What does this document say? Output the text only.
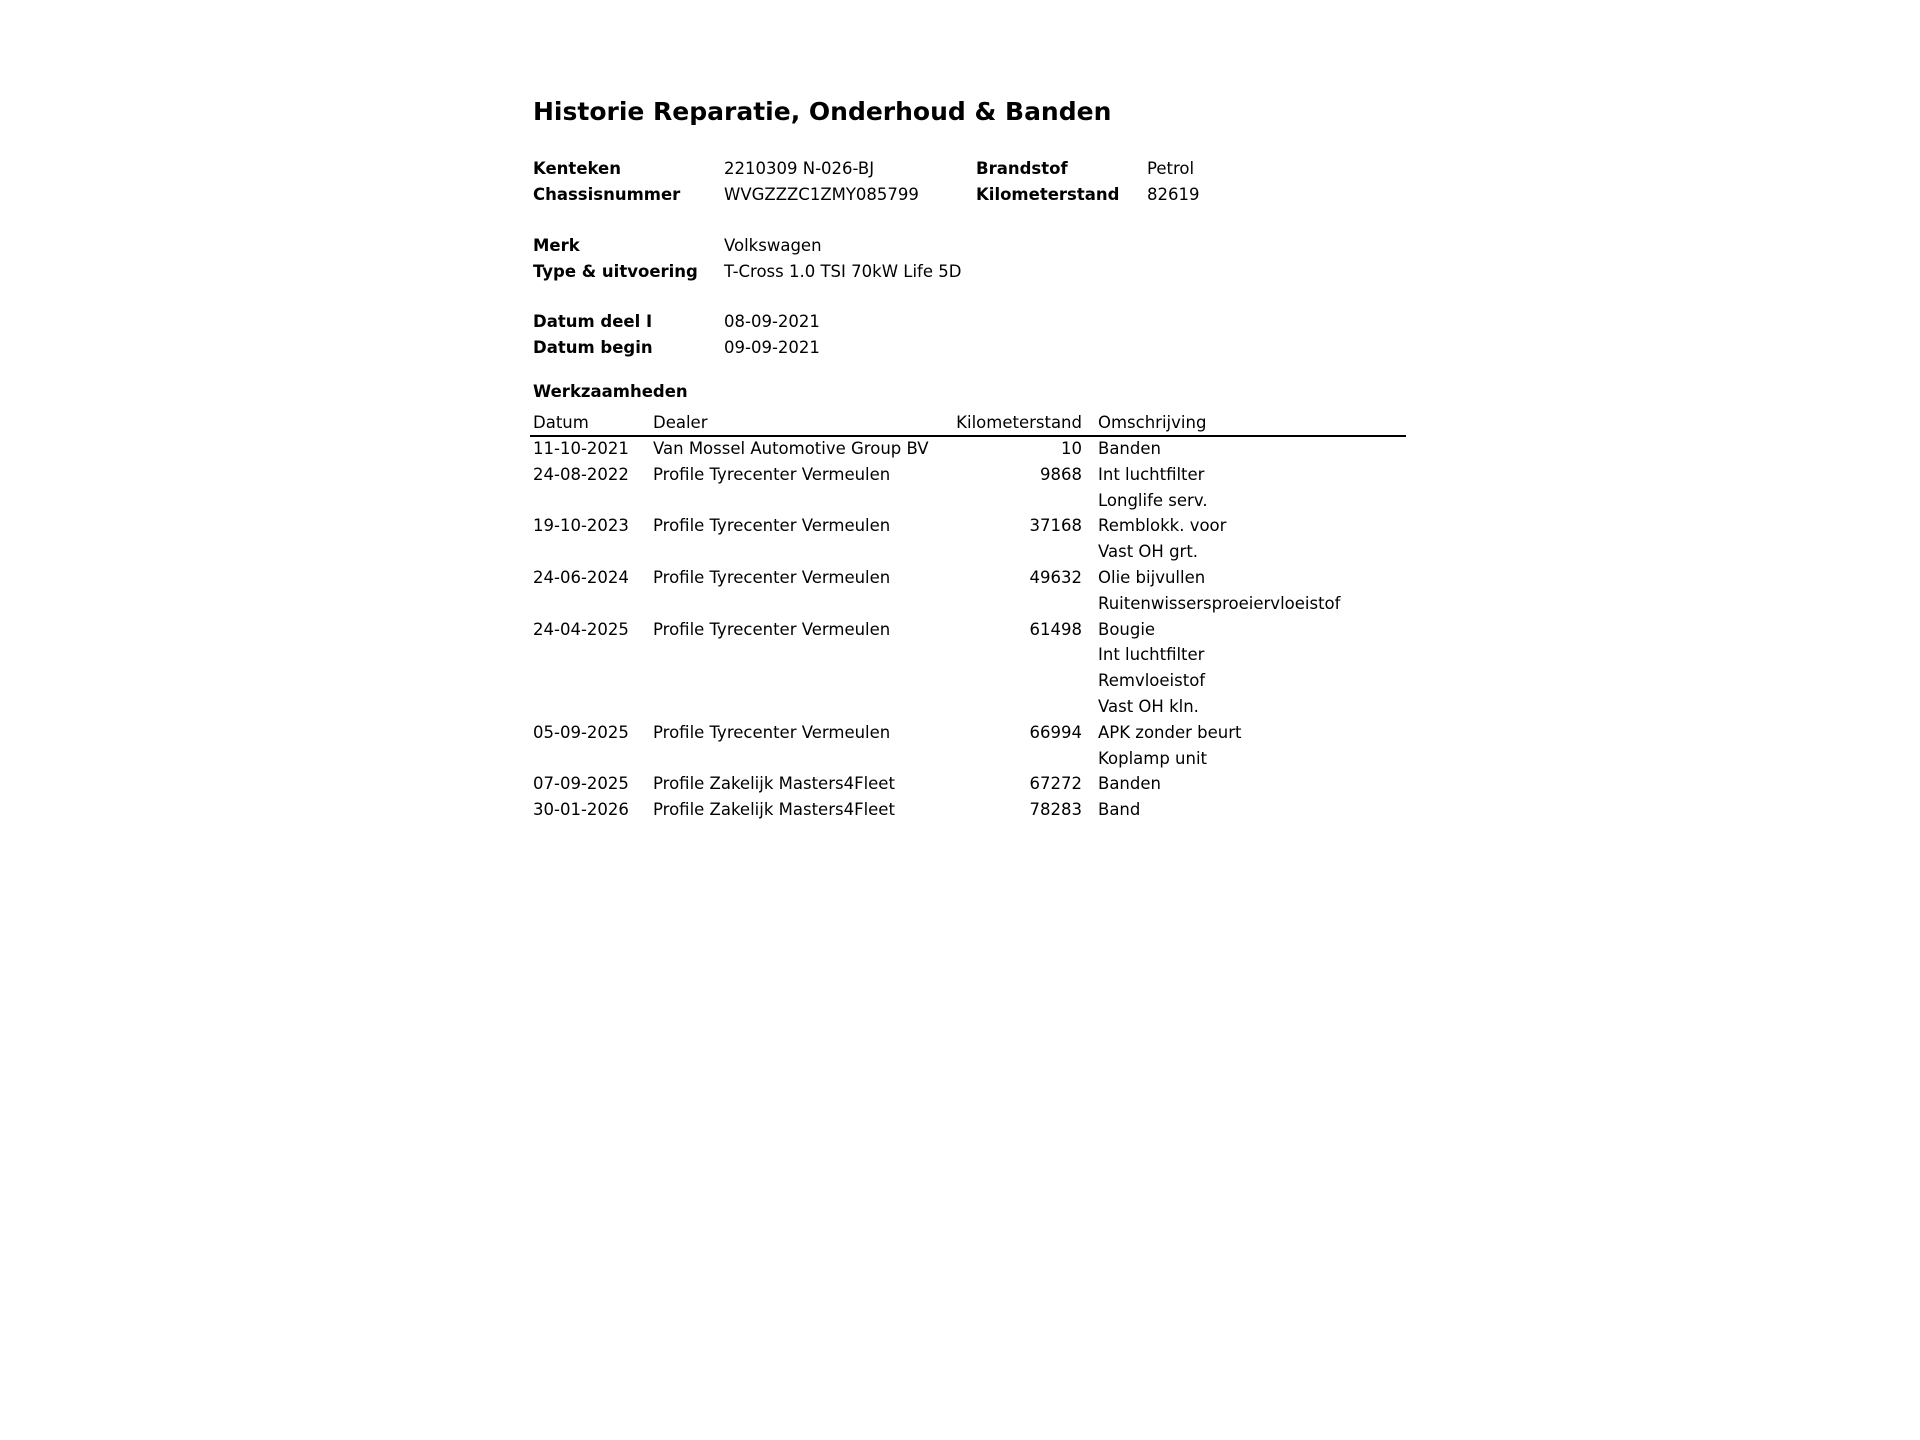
Historie Reparatie, Onderhoud & Banden
Kenteken	2210309 N-026-BJ	Brandstof	Petrol
Chassisnummer	WVGZZZC1ZMY085799	Kilometerstand 82619
Merk	Volkswagen
Type & uitvoering T-Cross 1.0 TSI 70kW Life 5D
Datum deel I	08-09-2021
Datum begin	09-09-2021
Werkzaamheden
Datum	Dealer	Kilometerstand Omschrijving
11-10-2021 Van Mossel Automotive Group BV	10 Banden
24-08-2022 Profile Tyrecenter Vermeulen	9868 Int luchtfilter
Longlife serv.
19-10-2023 Profile Tyrecenter Vermeulen	37168 Remblokk. voor
Vast OH grt.
24-06-2024 Profile Tyrecenter Vermeulen	49632 Olie bijvullen
Ruitenwissersproeiervloeistof
24-04-2025 Profile Tyrecenter Vermeulen	61498 Bougie
Int luchtfilter
Remvloeistof
Vast OH kln.
05-09-2025 Profile Tyrecenter Vermeulen	66994 APK zonder beurt
Koplamp unit
07-09-2025 Profile Zakelijk Masters4Fleet	67272 Banden
30-01-2026 Profile Zakelijk Masters4Fleet	78283 Band
